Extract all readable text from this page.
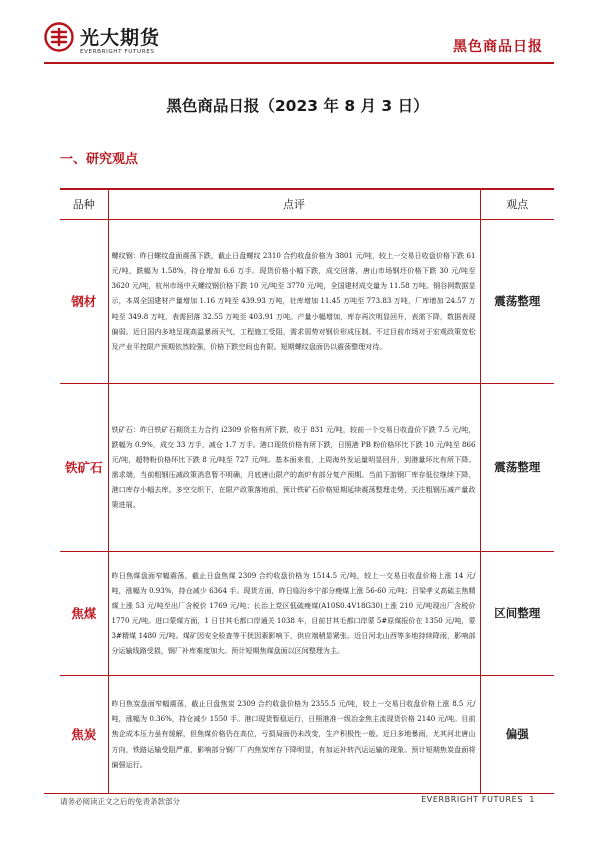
光大期货
EVERBRIGHT FUTURES	黑色商品日报
黑色商品日报（2023 年 8 月 3 日）
一、研究观点
品种	点评	观点
钢材	螺纹钢：昨日螺纹盘面震荡下跌，截止日盘螺纹 2310 合约收盘价格为 3801 元/吨，较上一交易日收盘价格下跌 61 元/吨，跌幅为 1.58%，持仓增加 6.6 万手。现货价格小幅下跌，成交回落，唐山市场钢坯价格下跌 30 元/吨至 3620 元/吨，杭州市场中天螺纹钢价格下跌 10 元/吨至 3770 元/吨，全国建材成交量为 11.58 万吨。钢谷网数据显示，本周全国建材产量增加 1.16 万吨至 439.93 万吨，社库增加 11.45 万吨至 773.83 万吨，厂库增加 24.57 万吨至 349.8 万吨，表需回落 32.55 万吨至 403.91 万吨。产量小幅增加，库存再次明显回升，表需下降，数据表现偏弱。近日国内多地呈现高温暴雨天气，工程施工受阻，需求弱势对钢价形成压制。不过目前市场对于宏观政策宽松及产业平控限产预期依然较强，价格下跌空间也有限。短期螺纹盘面仍以震荡整理对待。	震荡整理
铁矿石	铁矿石：昨日铁矿石期货主力合约 i2309 价格有所下跌，收于 831 元/吨，较前一个交易日收盘价下跌 7.5 元/吨，跌幅为 0.9%，成交 33 万手，减仓 1.7 万手。港口现货价格有所下跌，日照港 PB 粉价格环比下跌 10 元/吨至 866 元/吨，超特粉价格环比下跌 8 元/吨至 727 元/吨。基本面来看，上周海外发运量明显回升，到港量环比有所下降。需求端，当前粗钢压减政策消息暂不明确，月底唐山限产的高炉有部分复产预期。当前下游钢厂库存低位继续下降，港口库存小幅去库。多空交织下，在限产政策落地前，预计铁矿石价格短期延续震荡整理走势，关注粗钢压减产量政策进展。	震荡整理
焦煤	昨日焦煤盘面窄幅震荡，截止日盘焦煤 2309 合约收盘价格为 1514.5 元/吨，较上一交易日收盘价格上涨 14 元/吨，涨幅为 0.93%，持仓减少 6364 手。现货方面，昨日临汾乡宁部分瘦煤上涨 56-60 元/吨；吕梁孝义高硫主焦精煤上涨 53 元/吨至出厂含税价 1769 元/吨；长治上党区低硫瘦煤(A10S0.4V18G30)上涨 210 元/吨现出厂含税价 1770 元/吨。进口蒙煤方面，1 日甘其毛都口岸通关 1038 车，目前甘其毛都口岸蒙 5#原煤报价在 1350 元/吨，蒙 3#精煤 1480 元/吨。煤矿因安全检查等干扰因素影响下，供应端稍显紧张。近日河北山西等多地持续降雨，影响部分运输线路受损，钢厂补库难度加大。预计短期焦煤盘面以区间整理为主。	区间整理
焦炭	昨日焦炭盘面窄幅震荡，截止日盘焦炭 2309 合约收盘价格为 2355.5 元/吨，较上一交易日收盘价格上涨 8.5 元/吨，涨幅为 0.36%，持仓减少 1550 手。港口现货暂稳运行，日照港准一级冶金焦主流现货价格 2140 元/吨。目前焦企成本压力虽有缓解，但焦煤价格仍在高位，亏损局面仍未改变，生产积极性一般。近日多地暴雨，尤其河北唐山方向，铁路运输受阻严重，影响部分钢厂厂内焦炭库存下降明显，有加运补转汽运运输的现象。预计短期焦炭盘面将偏强运行。	偏强
请务必阅读正文之后的免责条款部分	EVERBRIGHT FUTURES 1
